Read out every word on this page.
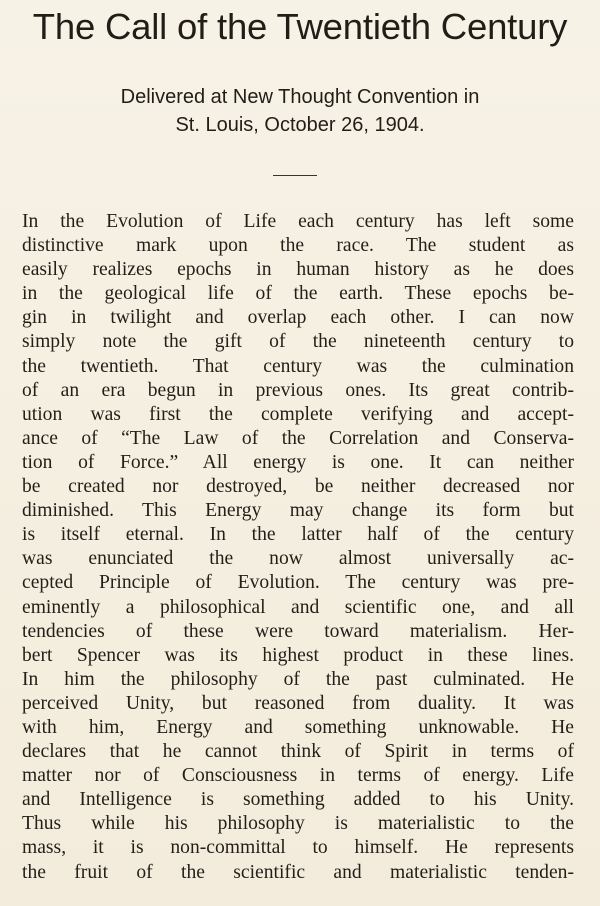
The Call of the Twentieth Century

Delivered at New Thought Convention in

St. Louis, October 26, 1904.

In the Evolution of Life each century has left some
distinctive mark upon the race. The student as
easily realizes epochs in human history as he does
in the geological life of the earth. These epochs be-
gin in twilight and overlap each other. I can now
simply note the gift of the nineteenth century to
the twentieth. That century was the culmination
of an era begun in previous ones. Its great contrib-
ution was first the complete verifying and accept-
ance of “The Law of the Correlation and Conserva-
tion of Force.” All energy is one. It can neither
be created nor destroyed, be neither decreased nor
diminished. This Energy may change its form but
is itself eternal. In the latter half of the century
was enunciated the now almost universally ac-
cepted Principle of Evolution. The century was pre-
eminently a philosophical and scientific one, and all
tendencies of these were toward materialism. Her-
bert Spencer was its highest product in these lines.
In him the philosophy of the past culminated. He
perceived Unity, but reasoned from duality. It was
with him, Energy and something unknowable. He
declares that he cannot think of Spirit in terms of
matter nor of Consciousness in terms of energy. Life
and Intelligence is something added to his Unity.
Thus while his philosophy is materialistic to the
mass, it is non-committal to himself. He represents
the fruit of the scientific and materialistic tenden-
